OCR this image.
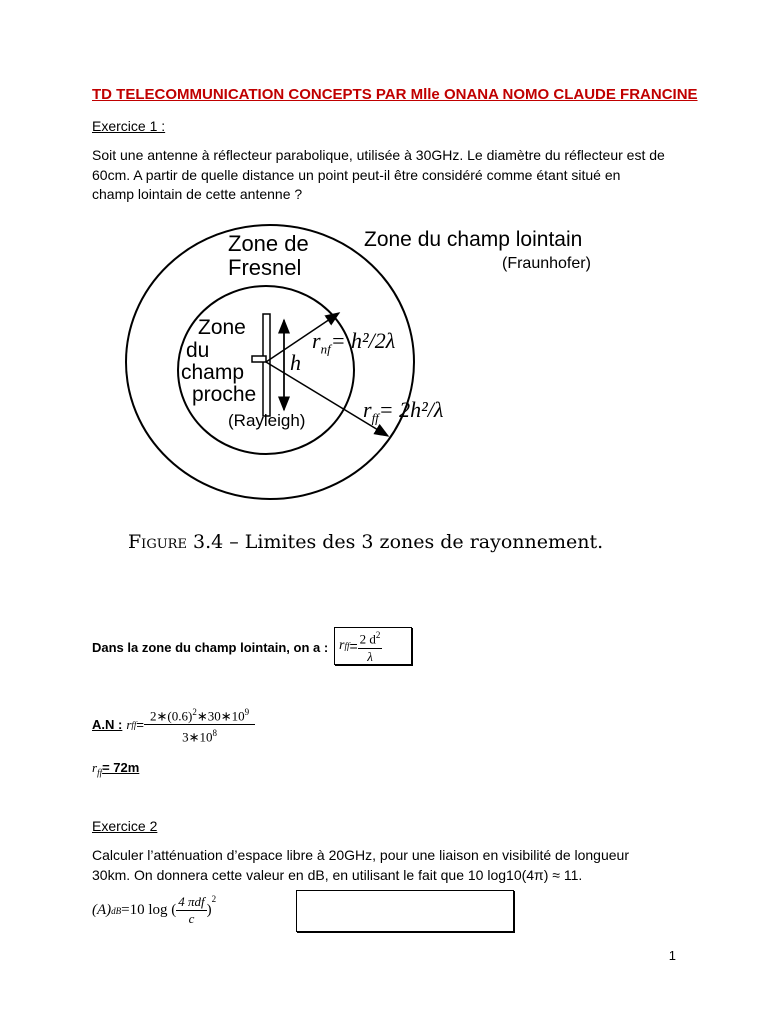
TD TELECOMMUNICATION CONCEPTS PAR Mlle ONANA NOMO CLAUDE FRANCINE
Exercice 1 :
Soit une antenne à réflecteur parabolique, utilisée à 30GHz. Le diamètre du réflecteur est de
60cm. A partir de quelle distance un point peut-il être considéré comme étant situé en
champ lointain de cette antenne ?
Zone de
Fresnel
Zone du champ lointain
(Fraunhofer)
Zone
du
champ
proche
(Rayleigh)
h
$r_{nf}= h^2/2\lambda$
$r_{ff}= 2h^2/\lambda$
Figure 3.4 – Limites des 3 zones de rayonnement.
Dans la zone du champ lointain, on a : r ff = $\frac{2 d^2}{\lambda}$
A.N : r ff = $\frac{2∗(0.6)^2∗30∗10^9}{3∗10^8}$
$r_{ff}= 72m$
Exercice 2
Calculer l’atténuation d’espace libre à 20GHz, pour une liaison en visibilité de longueur
30km. On donnera cette valeur en dB, en utilisant le fait que 10 log10(4π) ≈ 11.
(A) dB =10 log ( $\frac{\text{4 πdf}}{c}$ )
$^2$
1
